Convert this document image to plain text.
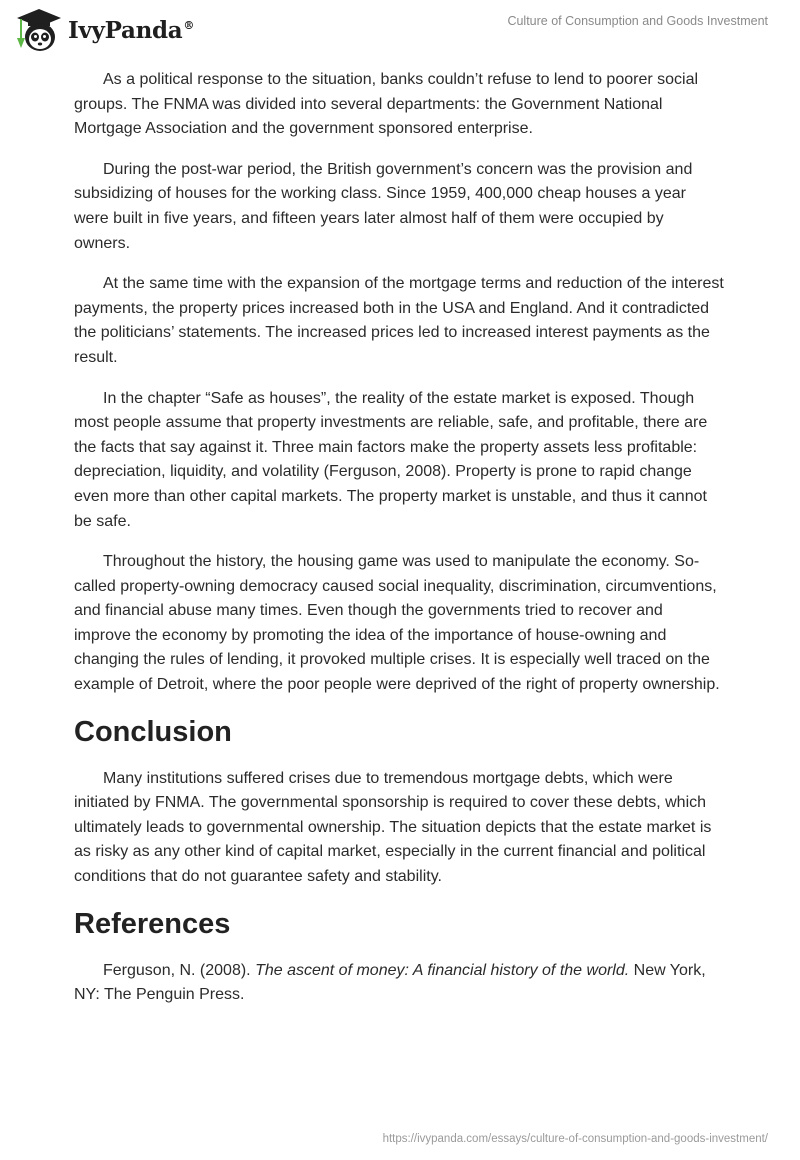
IvyPanda®	Culture of Consumption and Goods Investment

As a political response to the situation, banks couldn’t refuse to lend to poorer social groups. The FNMA was divided into several departments: the Government National Mortgage Association and the government sponsored enterprise.

During the post-war period, the British government’s concern was the provision and subsidizing of houses for the working class. Since 1959, 400,000 cheap houses a year were built in five years, and fifteen years later almost half of them were occupied by owners.

At the same time with the expansion of the mortgage terms and reduction of the interest payments, the property prices increased both in the USA and England. And it contradicted the politicians’ statements. The increased prices led to increased interest payments as the result.

In the chapter “Safe as houses”, the reality of the estate market is exposed. Though most people assume that property investments are reliable, safe, and profitable, there are the facts that say against it. Three main factors make the property assets less profitable: depreciation, liquidity, and volatility (Ferguson, 2008). Property is prone to rapid change even more than other capital markets. The property market is unstable, and thus it cannot be safe.

Throughout the history, the housing game was used to manipulate the economy. So-called property-owning democracy caused social inequality, discrimination, circumventions, and financial abuse many times. Even though the governments tried to recover and improve the economy by promoting the idea of the importance of house-owning and changing the rules of lending, it provoked multiple crises. It is especially well traced on the example of Detroit, where the poor people were deprived of the right of property ownership.

Conclusion

Many institutions suffered crises due to tremendous mortgage debts, which were initiated by FNMA. The governmental sponsorship is required to cover these debts, which ultimately leads to governmental ownership. The situation depicts that the estate market is as risky as any other kind of capital market, especially in the current financial and political conditions that do not guarantee safety and stability.

References

Ferguson, N. (2008). The ascent of money: A financial history of the world. New York, NY: The Penguin Press.

https://ivypanda.com/essays/culture-of-consumption-and-goods-investment/
